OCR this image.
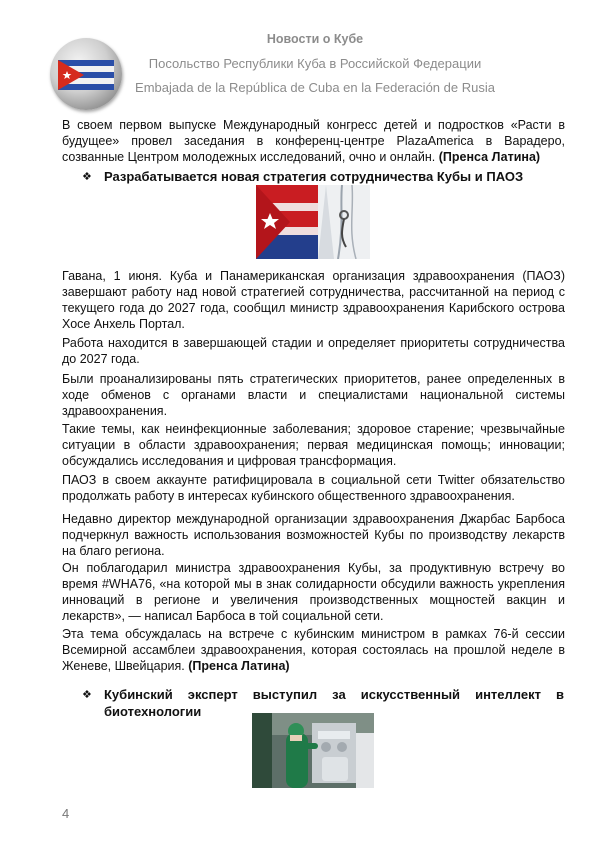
Новости о Кубе
Посольство Республики Куба в Российской Федерации
Embajada de la República de Cuba en la Federación de Rusia

В своем первом выпуске Международный конгресс детей и подростков «Расти в будущее» провел заседания в конференц-центре PlazaAmerica в Варадеро, созванные Центром молодежных исследований, очно и онлайн. (Пренса Латина)

❖ Разрабатывается новая стратегия сотрудничества Кубы и ПАОЗ

Гавана, 1 июня. Куба и Панамериканская организация здравоохранения (ПАОЗ) завершают работу над новой стратегией сотрудничества, рассчитанной на период с текущего года до 2027 года, сообщил министр здравоохранения Карибского острова Хосе Анхель Портал.

Работа находится в завершающей стадии и определяет приоритеты сотрудничества до 2027 года.

Были проанализированы пять стратегических приоритетов, ранее определенных в ходе обменов с органами власти и специалистами национальной системы здравоохранения.

Такие темы, как неинфекционные заболевания; здоровое старение; чрезвычайные ситуации в области здравоохранения; первая медицинская помощь; инновации; обсуждались исследования и цифровая трансформация.

ПАОЗ в своем аккаунте ратифицировала в социальной сети Twitter обязательство продолжать работу в интересах кубинского общественного здравоохранения.

Недавно директор международной организации здравоохранения Джарбас Барбоса подчеркнул важность использования возможностей Кубы по производству лекарств на благо региона.

Он поблагодарил министра здравоохранения Кубы, за продуктивную встречу во время #WHA76, «на которой мы в знак солидарности обсудили важность укрепления инноваций в регионе и увеличения производственных мощностей вакцин и лекарств», — написал Барбоса в той социальной сети.

Эта тема обсуждалась на встрече с кубинским министром в рамках 76-й сессии Всемирной ассамблеи здравоохранения, которая состоялась на прошлой неделе в Женеве, Швейцария. (Пренса Латина)

❖ Кубинский эксперт выступил за искусственный интеллект в
биотехнологии
4
